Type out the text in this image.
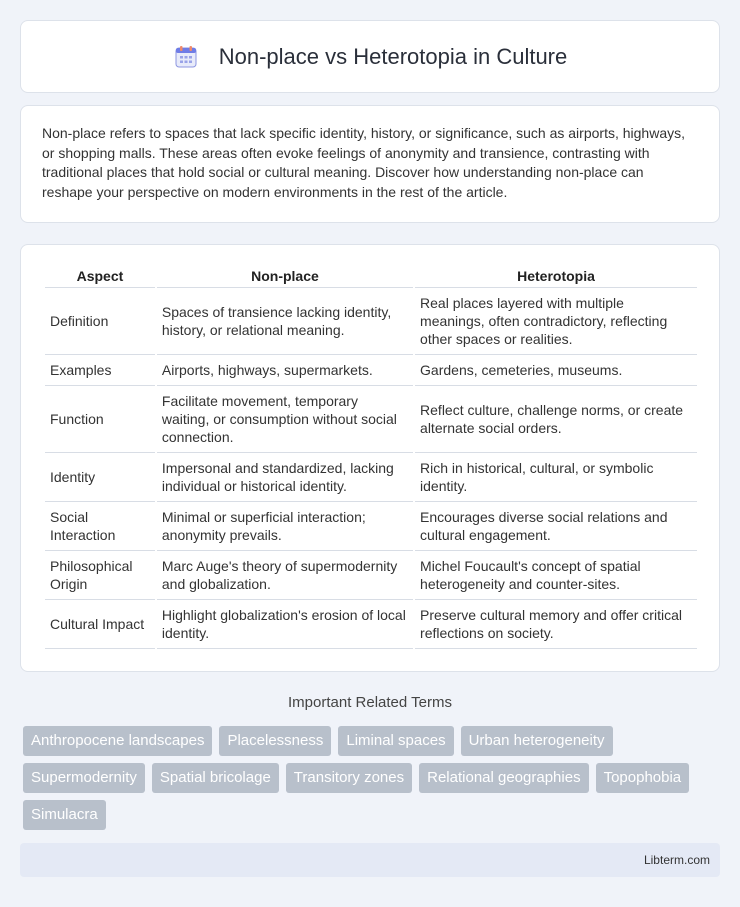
Non-place vs Heterotopia in Culture

Non-place refers to spaces that lack specific identity, history, or significance, such as airports, highways, or shopping malls. These areas often evoke feelings of anonymity and transience, contrasting with traditional places that hold social or cultural meaning. Discover how understanding non-place can reshape your perspective on modern environments in the rest of the article.

Aspect	Non-place	Heterotopia
Definition	Spaces of transience lacking identity, history, or relational meaning.	Real places layered with multiple meanings, often contradictory, reflecting other spaces or realities.
Examples	Airports, highways, supermarkets.	Gardens, cemeteries, museums.
Function	Facilitate movement, temporary waiting, or consumption without social connection.	Reflect culture, challenge norms, or create alternate social orders.
Identity	Impersonal and standardized, lacking individual or historical identity.	Rich in historical, cultural, or symbolic identity.
Social Interaction	Minimal or superficial interaction; anonymity prevails.	Encourages diverse social relations and cultural engagement.
Philosophical Origin	Marc Auge's theory of supermodernity and globalization.	Michel Foucault's concept of spatial heterogeneity and counter-sites.
Cultural Impact	Highlight globalization's erosion of local identity.	Preserve cultural memory and offer critical reflections on society.
Important Related Terms
Anthropocene landscapes	Placelessness	Liminal spaces	Urban heterogeneity
Supermodernity	Spatial bricolage	Transitory zones	Relational geographies	Topophobia
Simulacra
Libterm.com
